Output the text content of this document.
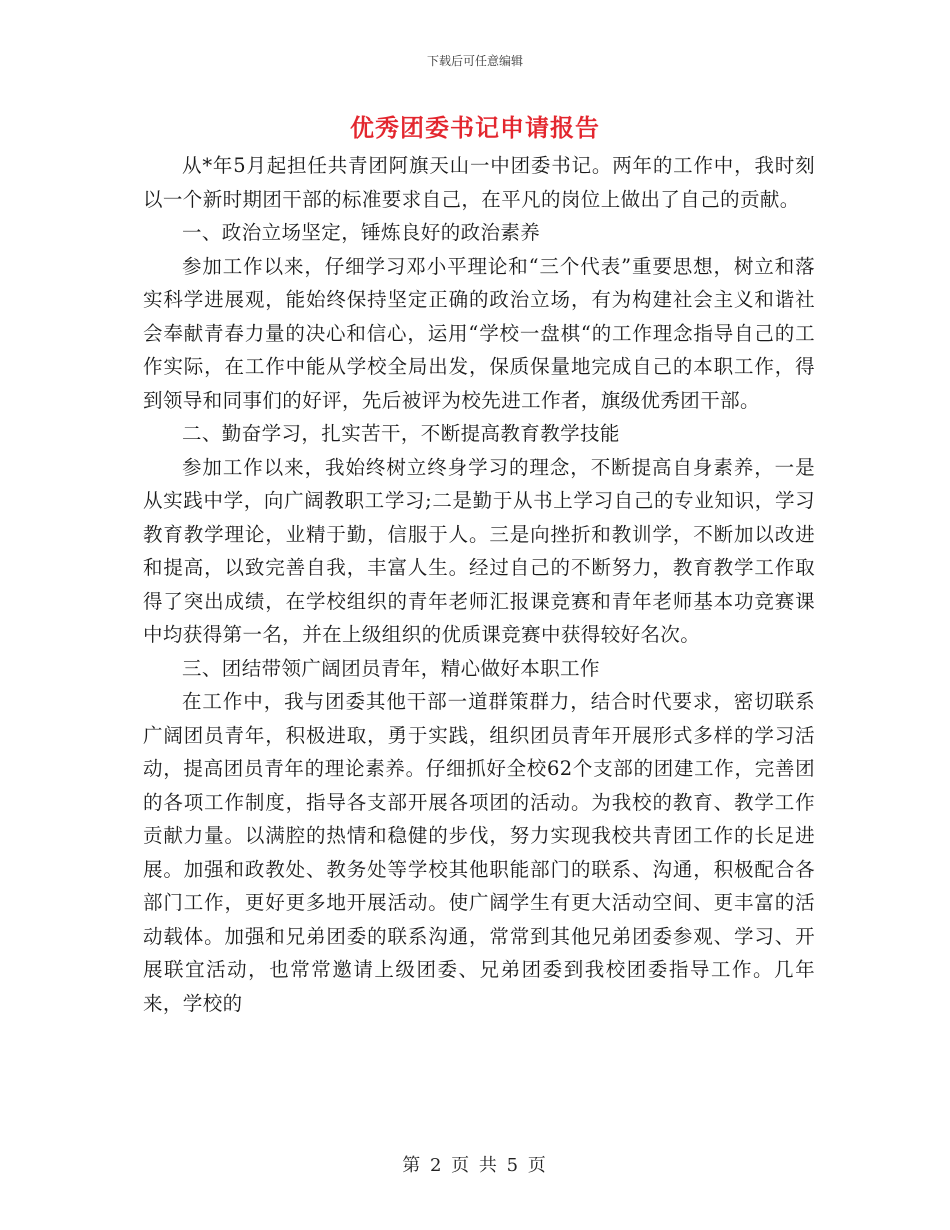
下载后可任意编辑
优秀团委书记申请报告

从*年5月起担任共青团阿旗天山一中团委书记。两年的工作中，我时刻以一个新时期团干部的标准要求自己，在平凡的岗位上做出了自己的贡献。

一、政治立场坚定，锤炼良好的政治素养

参加工作以来，仔细学习邓小平理论和“三个代表”重要思想，树立和落实科学进展观，能始终保持坚定正确的政治立场，有为构建社会主义和谐社会奉献青春力量的决心和信心，运用“学校一盘棋“的工作理念指导自己的工作实际，在工作中能从学校全局出发，保质保量地完成自己的本职工作，得到领导和同事们的好评，先后被评为校先进工作者，旗级优秀团干部。

二、勤奋学习，扎实苦干，不断提高教育教学技能

参加工作以来，我始终树立终身学习的理念，不断提高自身素养，一是从实践中学，向广阔教职工学习;二是勤于从书上学习自己的专业知识，学习教育教学理论，业精于勤，信服于人。三是向挫折和教训学，不断加以改进和提高，以致完善自我，丰富人生。经过自己的不断努力，教育教学工作取得了突出成绩，在学校组织的青年老师汇报课竞赛和青年老师基本功竞赛课中均获得第一名，并在上级组织的优质课竞赛中获得较好名次。

三、团结带领广阔团员青年，精心做好本职工作

在工作中，我与团委其他干部一道群策群力，结合时代要求，密切联系广阔团员青年，积极进取，勇于实践，组织团员青年开展形式多样的学习活动，提高团员青年的理论素养。仔细抓好全校62个支部的团建工作，完善团的各项工作制度，指导各支部开展各项团的活动。为我校的教育、教学工作贡献力量。以满腔的热情和稳健的步伐，努力实现我校共青团工作的长足进展。加强和政教处、教务处等学校其他职能部门的联系、沟通，积极配合各部门工作，更好更多地开展活动。使广阔学生有更大活动空间、更丰富的活动载体。加强和兄弟团委的联系沟通，常常到其他兄弟团委参观、学习、开展联宜活动，也常常邀请上级团委、兄弟团委到我校团委指导工作。几年来，学校的

第 2 页 共 5 页
